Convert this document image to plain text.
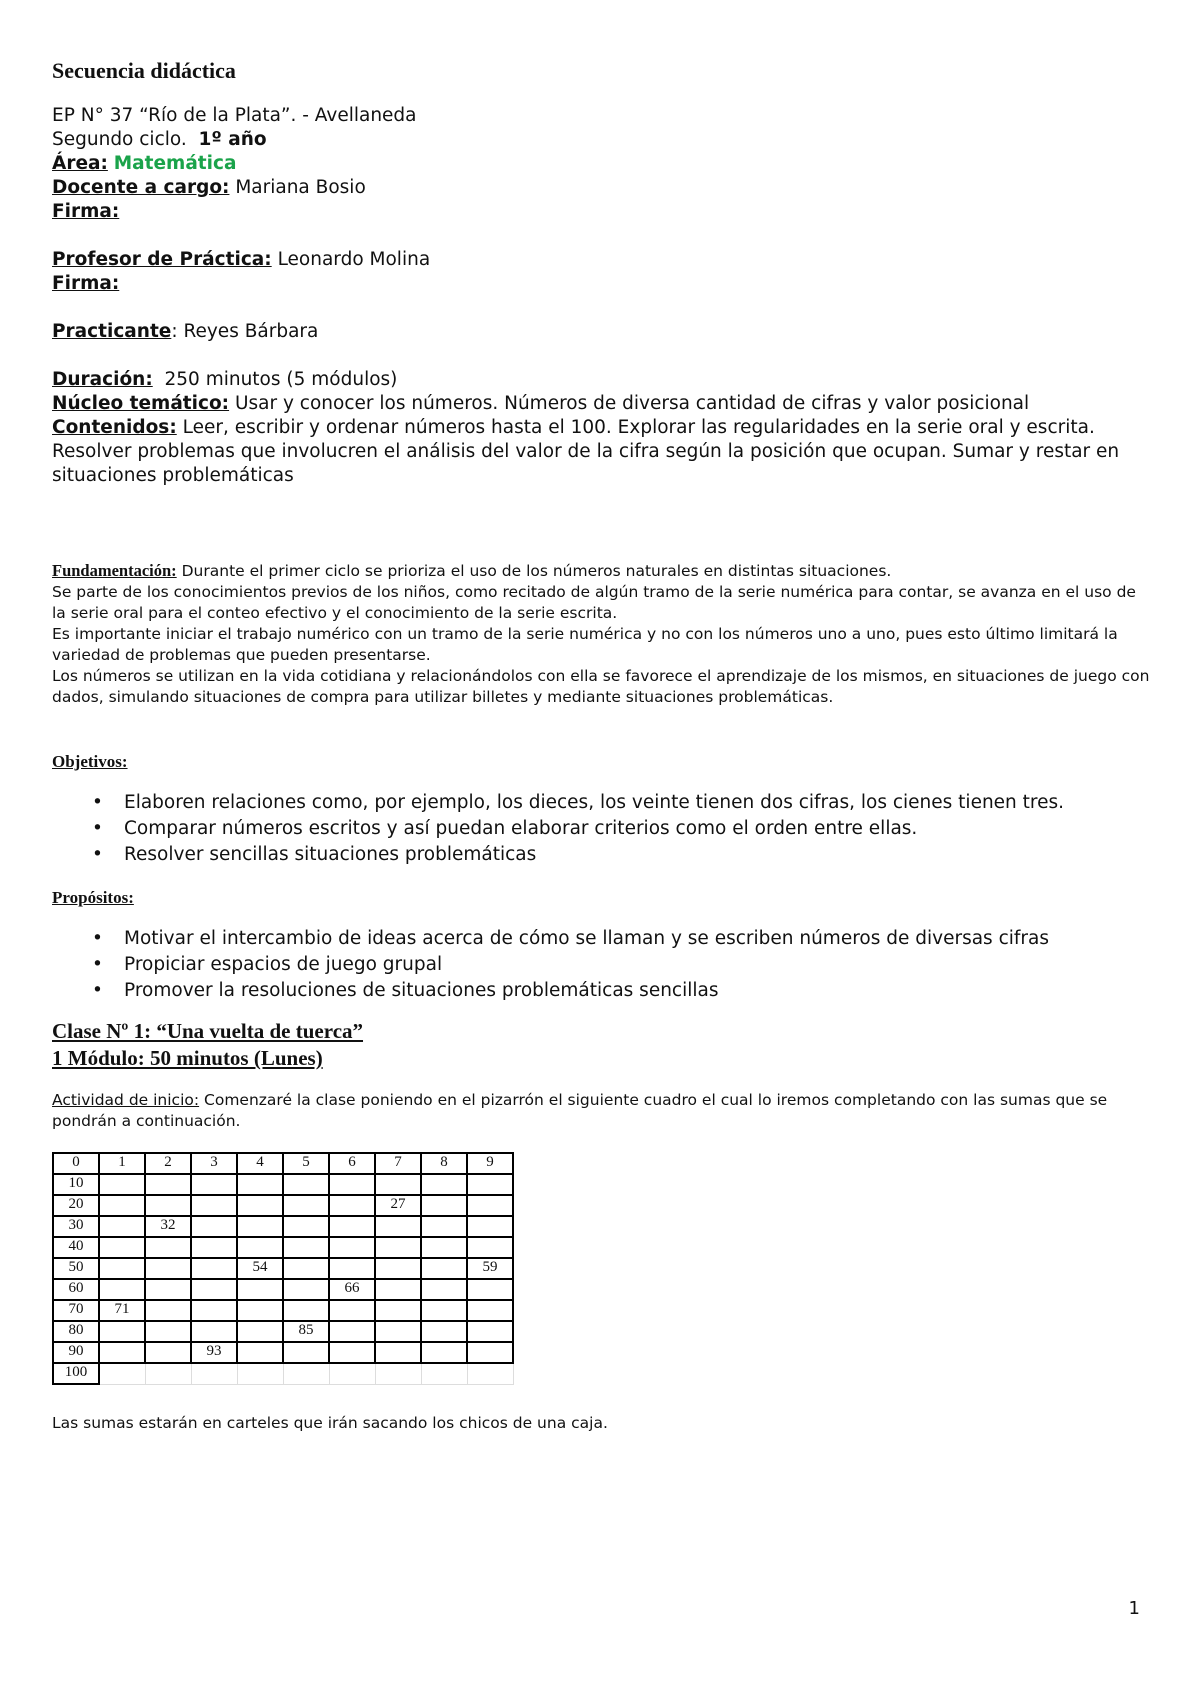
Secuencia didáctica
EP N° 37 “Río de la Plata”. - Avellaneda
Segundo ciclo. 1º año
Área: Matemática
Docente a cargo: Mariana Bosio
Firma:
Profesor de Práctica: Leonardo Molina
Firma:
Practicante: Reyes Bárbara
Duración: 250 minutos (5 módulos)
Núcleo temático: Usar y conocer los números. Números de diversa cantidad de cifras y valor posicional
Contenidos: Leer, escribir y ordenar números hasta el 100. Explorar las regularidades en la serie oral y escrita. Resolver problemas que involucren el análisis del valor de la cifra según la posición que ocupan. Sumar y restar en situaciones problemáticas
Fundamentación: Durante el primer ciclo se prioriza el uso de los números naturales en distintas situaciones.
Se parte de los conocimientos previos de los niños, como recitado de algún tramo de la serie numérica para contar, se avanza en el uso de la serie oral para el conteo efectivo y el conocimiento de la serie escrita.
Es importante iniciar el trabajo numérico con un tramo de la serie numérica y no con los números uno a uno, pues esto último limitará la variedad de problemas que pueden presentarse.
Los números se utilizan en la vida cotidiana y relacionándolos con ella se favorece el aprendizaje de los mismos, en situaciones de juego con dados, simulando situaciones de compra para utilizar billetes y mediante situaciones problemáticas.
Objetivos:
• Elaboren relaciones como, por ejemplo, los dieces, los veinte tienen dos cifras, los cienes tienen tres.
• Comparar números escritos y así puedan elaborar criterios como el orden entre ellas.
• Resolver sencillas situaciones problemáticas
Propósitos:
• Motivar el intercambio de ideas acerca de cómo se llaman y se escriben números de diversas cifras
• Propiciar espacios de juego grupal
• Promover la resoluciones de situaciones problemáticas sencillas
Clase Nº 1: “Una vuelta de tuerca”
1 Módulo: 50 minutos (Lunes)
Actividad de inicio: Comenzaré la clase poniendo en el pizarrón el siguiente cuadro el cual lo iremos completando con las sumas que se pondrán a continuación.
0	1	2	3	4	5	6	7	8	9
10									
20							27		
30		32							
40									
50				54					59
60						66			
70	71								
80					85				
90			93						
100									
Las sumas estarán en carteles que irán sacando los chicos de una caja.
1
